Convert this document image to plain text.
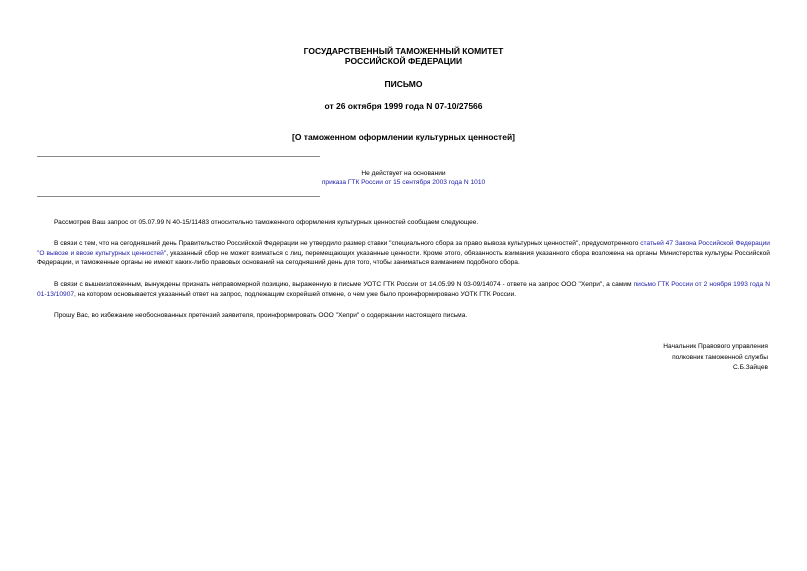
ГОСУДАРСТВЕННЫЙ ТАМОЖЕННЫЙ КОМИТЕТ
РОССИЙСКОЙ ФЕДЕРАЦИИ
ПИСЬМО
от 26 октября 1999 года N 07-10/27566
[О таможенном оформлении культурных ценностей]
Не действует на основании
приказа ГТК России от 15 сентября 2003 года N 1010
Рассмотрев Ваш запрос от 05.07.99 N 40-15/11483 относительно таможенного оформления культурных ценностей сообщаем следующее.
В связи с тем, что на сегодняшний день Правительство Российской Федерации не утвердило размер ставки "специального сбора за право вывоза культурных ценностей", предусмотренного статьей 47 Закона Российской Федерации "О вывозе и ввозе культурных ценностей", указанный сбор не может взиматься с лиц, перемещающих указанные ценности. Кроме этого, обязанность взимания указанного сбора возложена на органы Министерства культуры Российской Федерации, и таможенные органы не имеют каких-либо правовых оснований на сегодняшний день для того, чтобы заниматься взиманием подобного сбора.
В связи с вышеизложенным, вынуждены признать неправомерной позицию, выраженную в письме УОТС ГТК России от 14.05.99 N 03-09/14074 - ответе на запрос ООО "Хепри", а самим письмо ГТК России от 2 ноября 1993 года N 01-13/10907, на котором основывается указанный ответ на запрос, подлежащим скорейшей отмене, о чем уже было проинформировано УОТК ГТК России.
Прошу Вас, во избежание необоснованных претензий заявителя, проинформировать ООО "Хепри" о содержании настоящего письма.
Начальник Правового управления
полковник таможенной службы
С.Б.Зайцев
